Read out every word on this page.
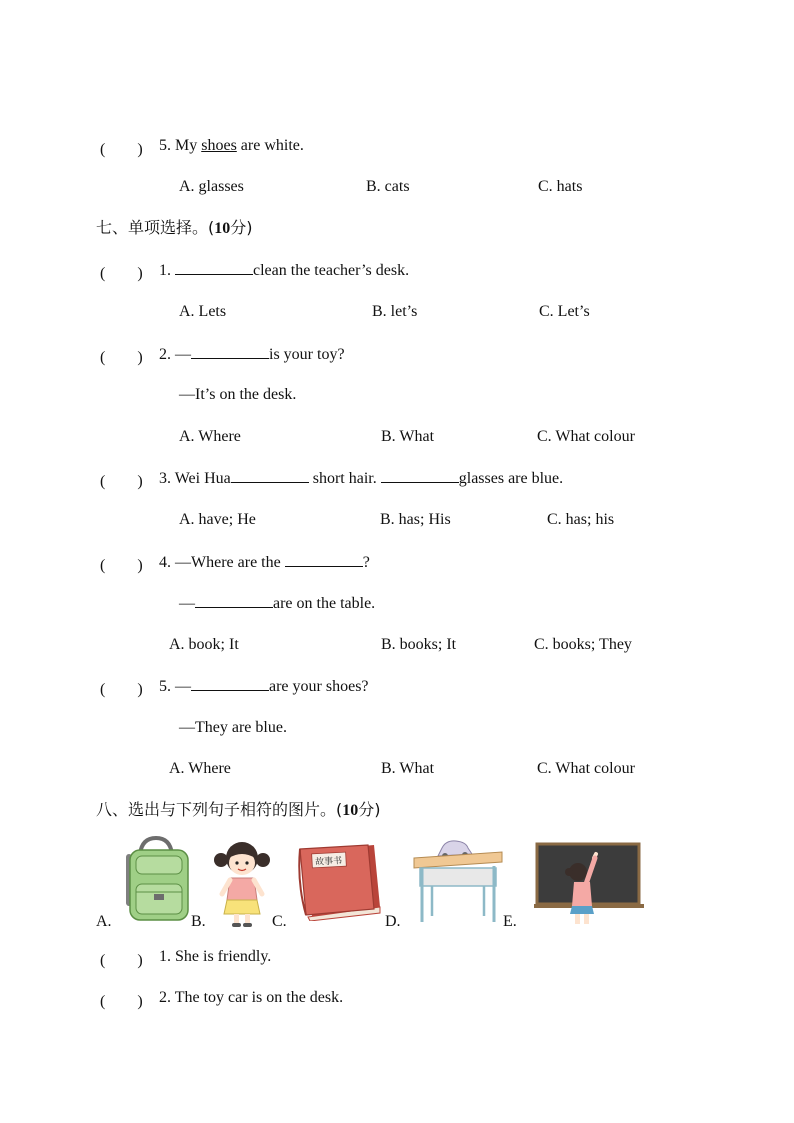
(　　) 5. My shoes are white.
A. glasses	B. cats	C. hats
七、单项选择。(10分)
(　　) 1.	clean the teacher’s desk.
A. Lets	B. let’s	C. Let’s
(　　) 2. —	is your toy?
—It’s on the desk.
A. Where	B. What	C. What colour
(　　) 3. Wei Hua	short hair.	glasses are blue.
A. have; He	B. has; His	C. has; his
(　　) 4. —Where are the	?
—	are on the table.
A. book; It	B. books; It	C. books; They
(　　) 5. —	are your shoes?
—They are blue.
A. Where	B. What	C. What colour
八、选出与下列句子相符的图片。(10分)
A.	B.	C.	D.	E.
故事书
(　　) 1. She is friendly.
(　　) 2. The toy car is on the desk.
